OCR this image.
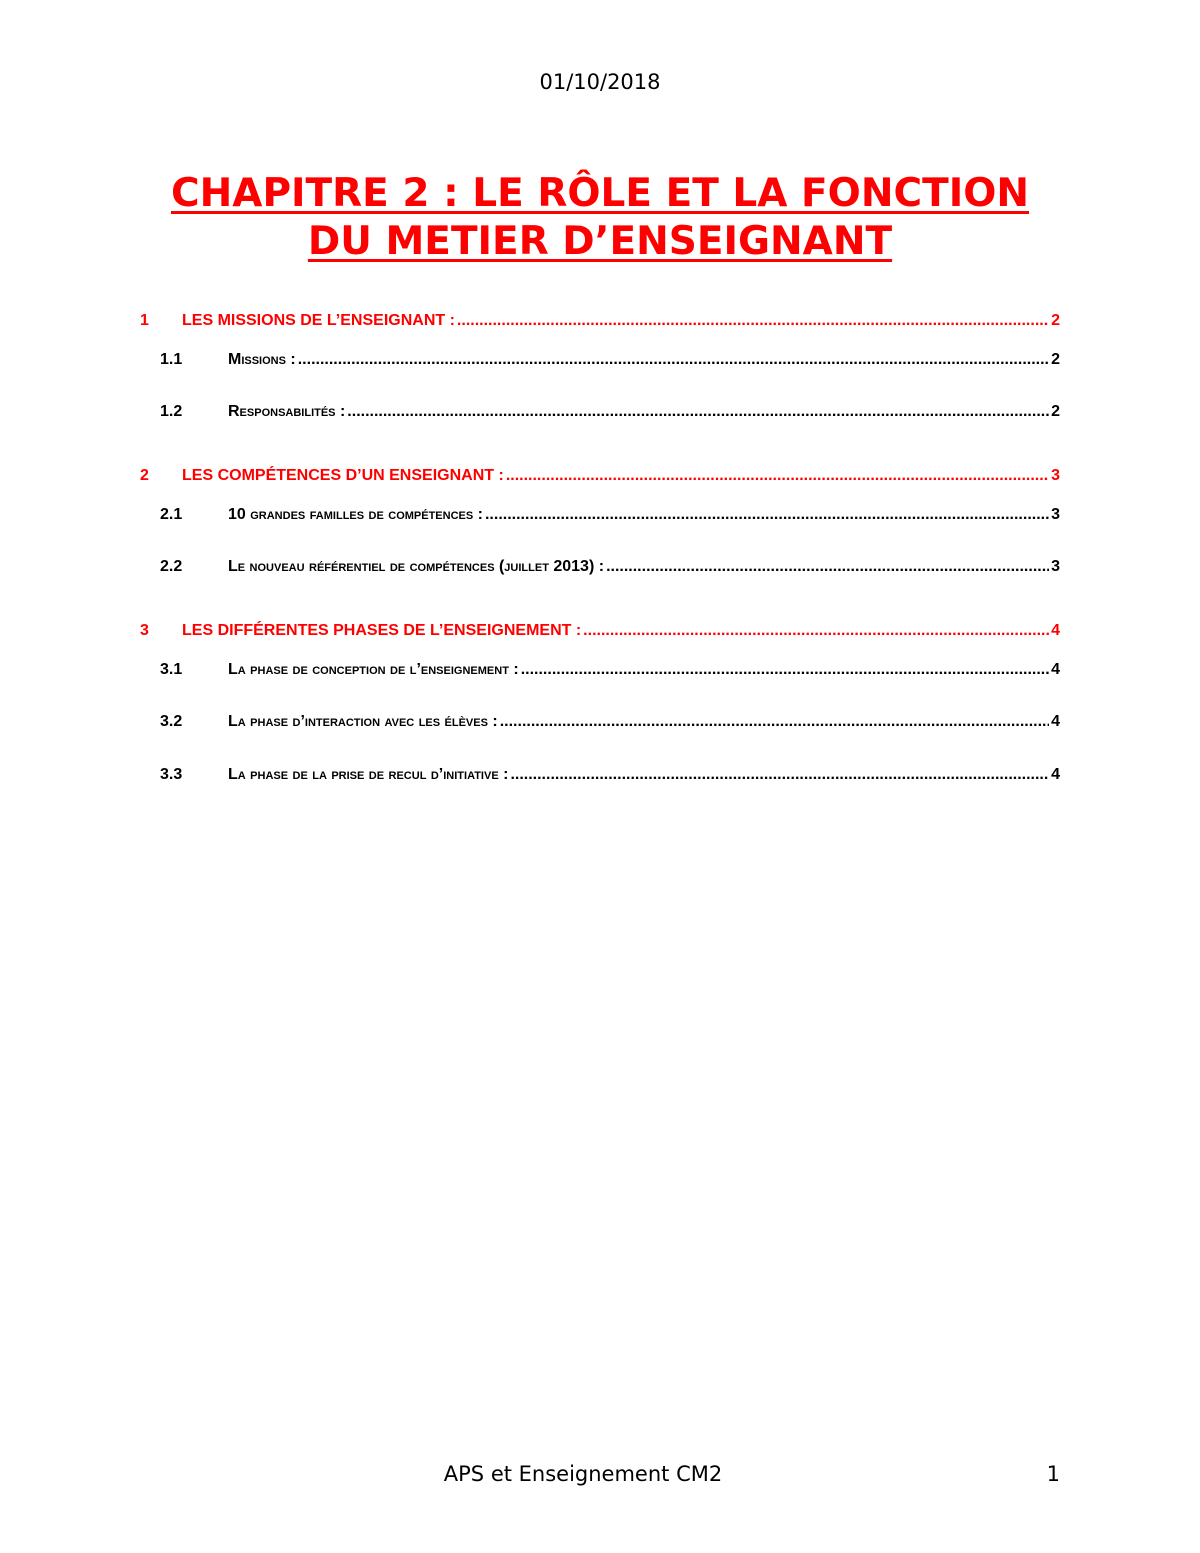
01/10/2018
CHAPITRE 2 : LE RÔLE ET LA FONCTION
DU METIER D’ENSEIGNANT
1	LES MISSIONS DE L’ENSEIGNANT : .....	2
1.1	Missions : .....	2
1.2	Responsabilités : .....	2
2	LES COMPÉTENCES D’UN ENSEIGNANT : .....	3
2.1	10 grandes familles de compétences : .....	3
2.2	Le nouveau référentiel de compétences (juillet 2013) : .....	3
3	LES DIFFÉRENTES PHASES DE L’ENSEIGNEMENT : .....	4
3.1	La phase de conception de l’enseignement : .....	4
3.2	La phase d’interaction avec les élèves : .....	4
3.3	La phase de la prise de recul d’initiative : .....	4
APS et Enseignement CM2	1
